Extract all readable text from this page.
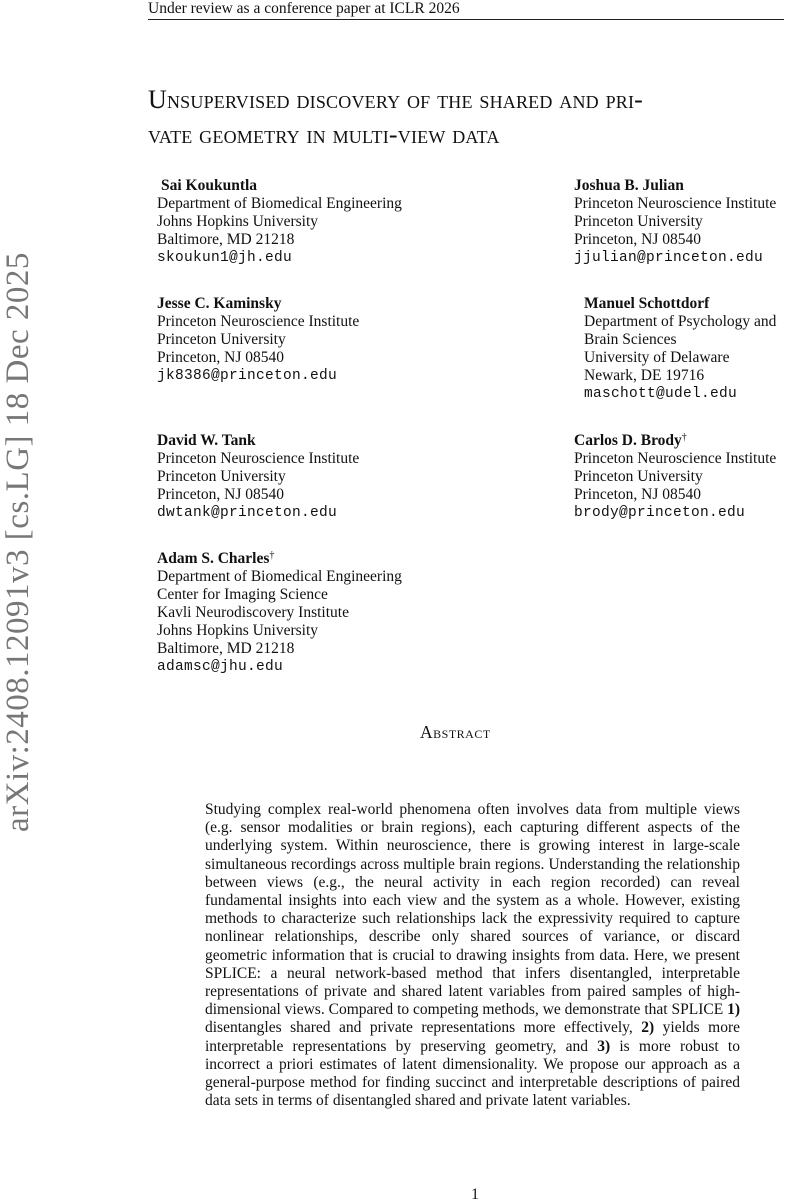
Under review as a conference paper at ICLR 2026
Unsupervised discovery of the shared and pri-
vate geometry in multi-view data
arXiv:2408.12091v3 [cs.LG] 18 Dec 2025
Sai Koukuntla
Department of Biomedical Engineering
Johns Hopkins University
Baltimore, MD 21218
skoukun1@jh.edu
Joshua B. Julian
Princeton Neuroscience Institute
Princeton University
Princeton, NJ 08540
jjulian@princeton.edu
Jesse C. Kaminsky
Princeton Neuroscience Institute
Princeton University
Princeton, NJ 08540
jk8386@princeton.edu
Manuel Schottdorf
Department of Psychology and
Brain Sciences
University of Delaware
Newark, DE 19716
maschott@udel.edu
David W. Tank
Princeton Neuroscience Institute
Princeton University
Princeton, NJ 08540
dwtank@princeton.edu
Carlos D. Brody†
Princeton Neuroscience Institute
Princeton University
Princeton, NJ 08540
brody@princeton.edu
Adam S. Charles†
Department of Biomedical Engineering
Center for Imaging Science
Kavli Neurodiscovery Institute
Johns Hopkins University
Baltimore, MD 21218
adamsc@jhu.edu
Abstract

Studying complex real-world phenomena often involves data from multiple views (e.g. sensor modalities or brain regions), each capturing different aspects of the underlying system. Within neuroscience, there is growing interest in large-scale simultaneous recordings across multiple brain regions. Understanding the relationship between views (e.g., the neural activity in each region recorded) can reveal fundamental insights into each view and the system as a whole. However, existing methods to characterize such relationships lack the expressivity required to capture nonlinear relationships, describe only shared sources of variance, or discard geometric information that is crucial to drawing insights from data. Here, we present SPLICE: a neural network-based method that infers disentangled, interpretable representations of private and shared latent variables from paired samples of high-dimensional views. Compared to competing methods, we demonstrate that SPLICE 1) disentangles shared and private representations more effectively, 2) yields more interpretable representations by preserving geometry, and 3) is more robust to incorrect a priori estimates of latent dimensionality. We propose our approach as a general-purpose method for finding succinct and interpretable descriptions of paired data sets in terms of disentangled shared and private latent variables.

1
